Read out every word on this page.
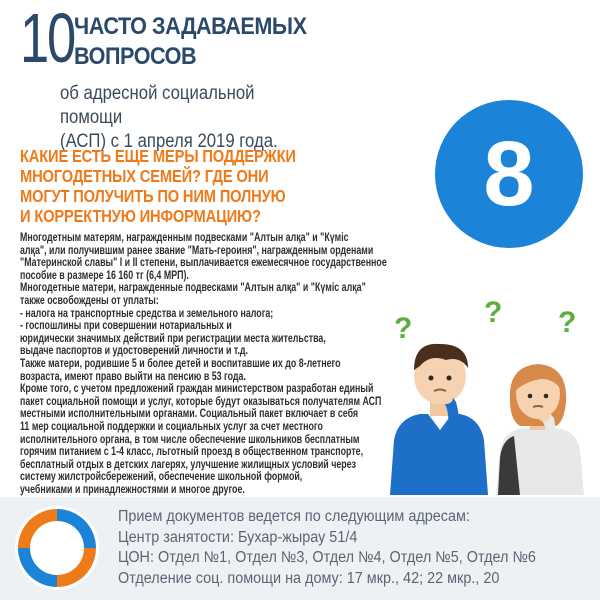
10 ЧАСТО ЗАДАВАЕМЫХ
ВОПРОСОВ
об адресной социальной помощи
(АСП) с 1 апреля 2019 года.	8
КАКИЕ ЕСТЬ ЕЩЕ МЕРЫ ПОДДЕРЖКИ
МНОГОДЕТНЫХ СЕМЕЙ? ГДЕ ОНИ
МОГУТ ПОЛУЧИТЬ ПО НИМ ПОЛНУЮ
И КОРРЕКТНУЮ ИНФОРМАЦИЮ?
Многодетным матерям, награжденным подвесками "Алтын алқа" и "Күміс
алқа", или получившим ранее звание "Мать-героиня", награжденным орденами
"Материнской славы" I и II степени, выплачивается ежемесячное государственное
пособие в размере 16 160 тг (6,4 МРП).
Многодетные матери, награжденные подвесками "Алтын алқа" и "Күміс алқа"
также освобождены от уплаты:
- налога на транспортные средства и земельного налога;
- госпошлины при совершении нотариальных и
юридически значимых действий при регистрации места жительства,
выдаче паспортов и удостоверений личности и т.д.
Также матери, родившие 5 и более детей и воспитавшие их до 8-летнего
возраста, имеют право выйти на пенсию в 53 года.
Кроме того, с учетом предложений граждан министерством разработан единый
пакет социальной помощи и услуг, которые будут оказываться получателям АСП
местными исполнительными органами. Социальный пакет включает в себя
11 мер социальной поддержки и социальных услуг за счет местного
исполнительного органа, в том числе обеспечение школьников бесплатным
горячим питанием с 1-4 класс, льготный проезд в общественном транспорте,
бесплатный отдых в детских лагерях, улучшение жилищных условий через
систему жилстройсбережений, обеспечение школьной формой,
учебниками и принадлежностями и многое другое.
? ? ?
Прием документов ведется по следующим адресам:
Центр занятости: Бухар-жырау 51/4
ЦОН: Отдел №1, Отдел №3, Отдел №4, Отдел №5, Отдел №6
Отделение соц. помощи на дому: 17 мкр., 42; 22 мкр., 20
